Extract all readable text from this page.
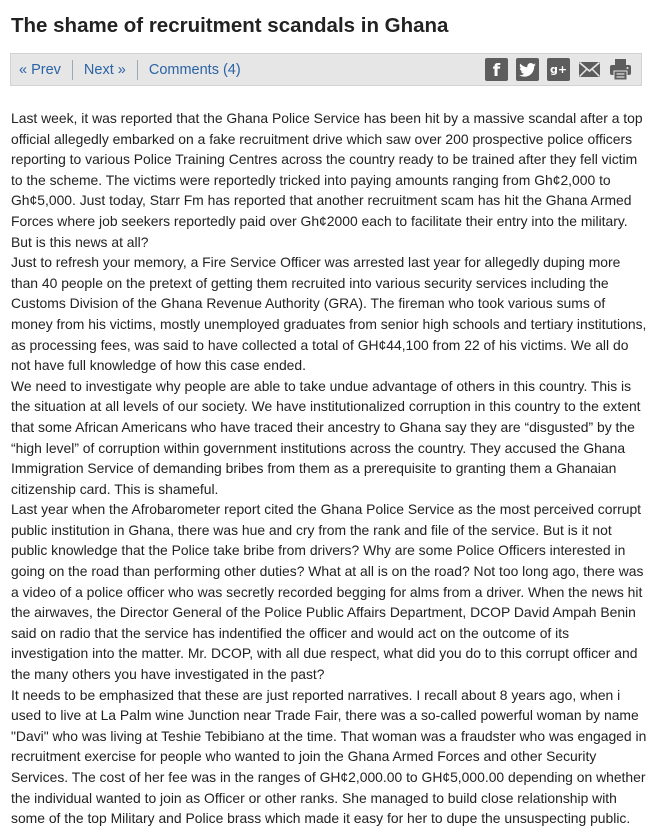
The shame of recruitment scandals in Ghana
« Prev Next » Comments (4)	f	g+

Last week, it was reported that the Ghana Police Service has been hit by a massive scandal after a top official allegedly embarked on a fake recruitment drive which saw over 200 prospective police officers reporting to various Police Training Centres across the country ready to be trained after they fell victim to the scheme. The victims were reportedly tricked into paying amounts ranging from Gh¢2,000 to Gh¢5,000. Just today, Starr Fm has reported that another recruitment scam has hit the Ghana Armed Forces where job seekers reportedly paid over Gh¢2000 each to facilitate their entry into the military. But is this news at all?

Just to refresh your memory, a Fire Service Officer was arrested last year for allegedly duping more than 40 people on the pretext of getting them recruited into various security services including the Customs Division of the Ghana Revenue Authority (GRA). The fireman who took various sums of money from his victims, mostly unemployed graduates from senior high schools and tertiary institutions, as processing fees, was said to have collected a total of GH¢44,100 from 22 of his victims. We all do not have full knowledge of how this case ended.

We need to investigate why people are able to take undue advantage of others in this country. This is the situation at all levels of our society. We have institutionalized corruption in this country to the extent that some African Americans who have traced their ancestry to Ghana say they are “disgusted” by the “high level” of corruption within government institutions across the country. They accused the Ghana Immigration Service of demanding bribes from them as a prerequisite to granting them a Ghanaian citizenship card. This is shameful.

Last year when the Afrobarometer report cited the Ghana Police Service as the most perceived corrupt public institution in Ghana, there was hue and cry from the rank and file of the service. But is it not public knowledge that the Police take bribe from drivers? Why are some Police Officers interested in going on the road than performing other duties? What at all is on the road? Not too long ago, there was a video of a police officer who was secretly recorded begging for alms from a driver. When the news hit the airwaves, the Director General of the Police Public Affairs Department, DCOP David Ampah Benin said on radio that the service has indentified the officer and would act on the outcome of its investigation into the matter. Mr. DCOP, with all due respect, what did you do to this corrupt officer and the many others you have investigated in the past?

It needs to be emphasized that these are just reported narratives. I recall about 8 years ago, when i used to live at La Palm wine Junction near Trade Fair, there was a so-called powerful woman by name "Davi" who was living at Teshie Tebibiano at the time. That woman was a fraudster who was engaged in recruitment exercise for people who wanted to join the Ghana Armed Forces and other Security Services. The cost of her fee was in the ranges of GH¢2,000.00 to GH¢5,000.00 depending on whether the individual wanted to join as Officer or other ranks. She managed to build close relationship with some of the top Military and Police brass which made it easy for her to dupe the unsuspecting public.
